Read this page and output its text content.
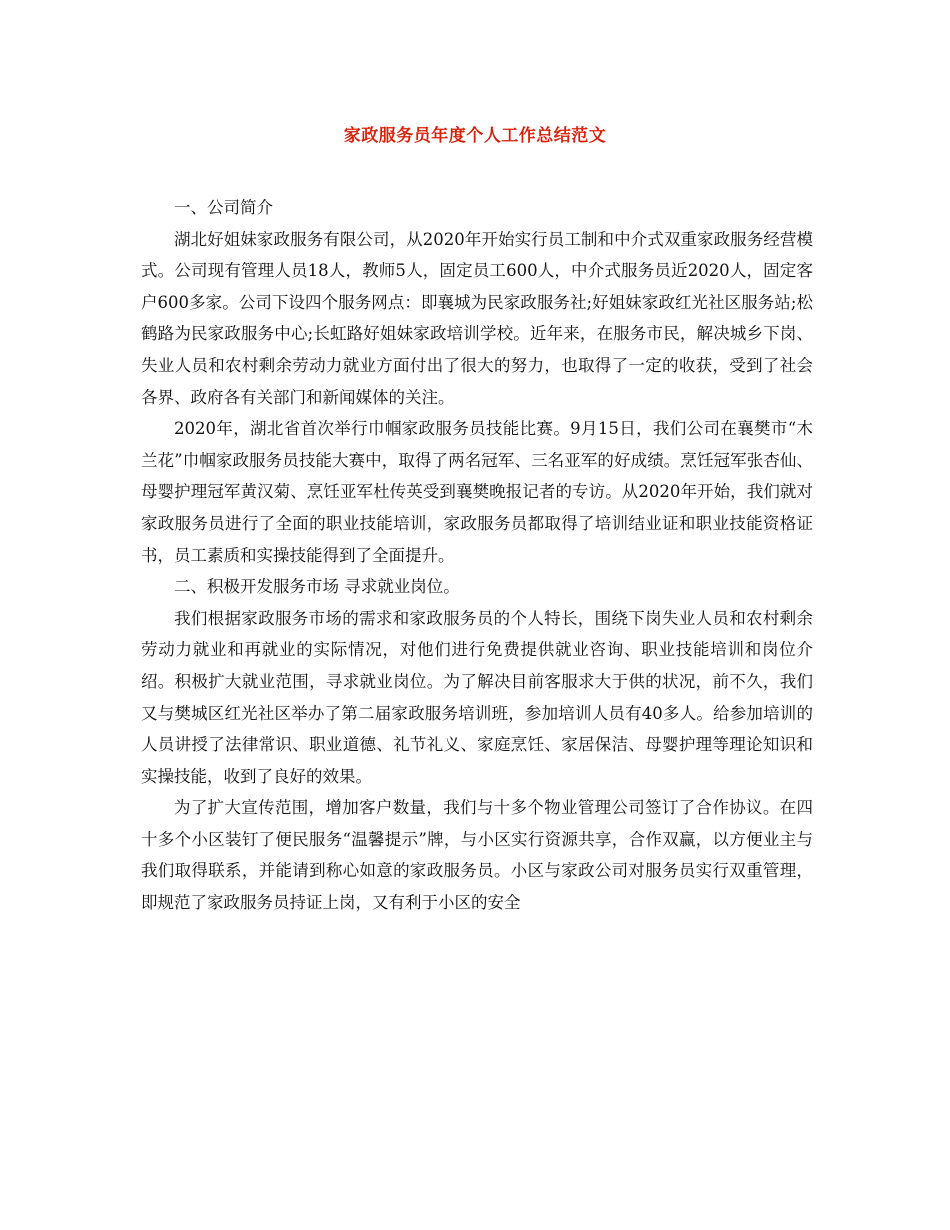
家政服务员年度个人工作总结范文

一、公司简介

湖北好姐妹家政服务有限公司，从2020年开始实行员工制和中介式双重家政服务经营模式。公司现有管理人员18人，教师5人，固定员工600人，中介式服务员近2020人，固定客户600多家。公司下设四个服务网点：即襄城为民家政服务社;好姐妹家政红光社区服务站;松鹤路为民家政服务中心;长虹路好姐妹家政培训学校。近年来，在服务市民，解决城乡下岗、失业人员和农村剩余劳动力就业方面付出了很大的努力，也取得了一定的收获，受到了社会各界、政府各有关部门和新闻媒体的关注。

2020年，湖北省首次举行巾帼家政服务员技能比赛。9月15日，我们公司在襄樊市“木兰花”巾帼家政服务员技能大赛中，取得了两名冠军、三名亚军的好成绩。烹饪冠军张杏仙、母婴护理冠军黄汉菊、烹饪亚军杜传英受到襄樊晚报记者的专访。从2020年开始，我们就对家政服务员进行了全面的职业技能培训，家政服务员都取得了培训结业证和职业技能资格证书，员工素质和实操技能得到了全面提升。

二、积极开发服务市场 寻求就业岗位。

我们根据家政服务市场的需求和家政服务员的个人特长，围绕下岗失业人员和农村剩余劳动力就业和再就业的实际情况，对他们进行免费提供就业咨询、职业技能培训和岗位介绍。积极扩大就业范围，寻求就业岗位。为了解决目前客服求大于供的状况，前不久，我们又与樊城区红光社区举办了第二届家政服务培训班，参加培训人员有40多人。给参加培训的人员讲授了法律常识、职业道德、礼节礼义、家庭烹饪、家居保洁、母婴护理等理论知识和实操技能，收到了良好的效果。

为了扩大宣传范围，增加客户数量，我们与十多个物业管理公司签订了合作协议。在四十多个小区装钉了便民服务“温馨提示”牌，与小区实行资源共享，合作双赢，以方便业主与我们取得联系，并能请到称心如意的家政服务员。小区与家政公司对服务员实行双重管理，即规范了家政服务员持证上岗，又有利于小区的安全
